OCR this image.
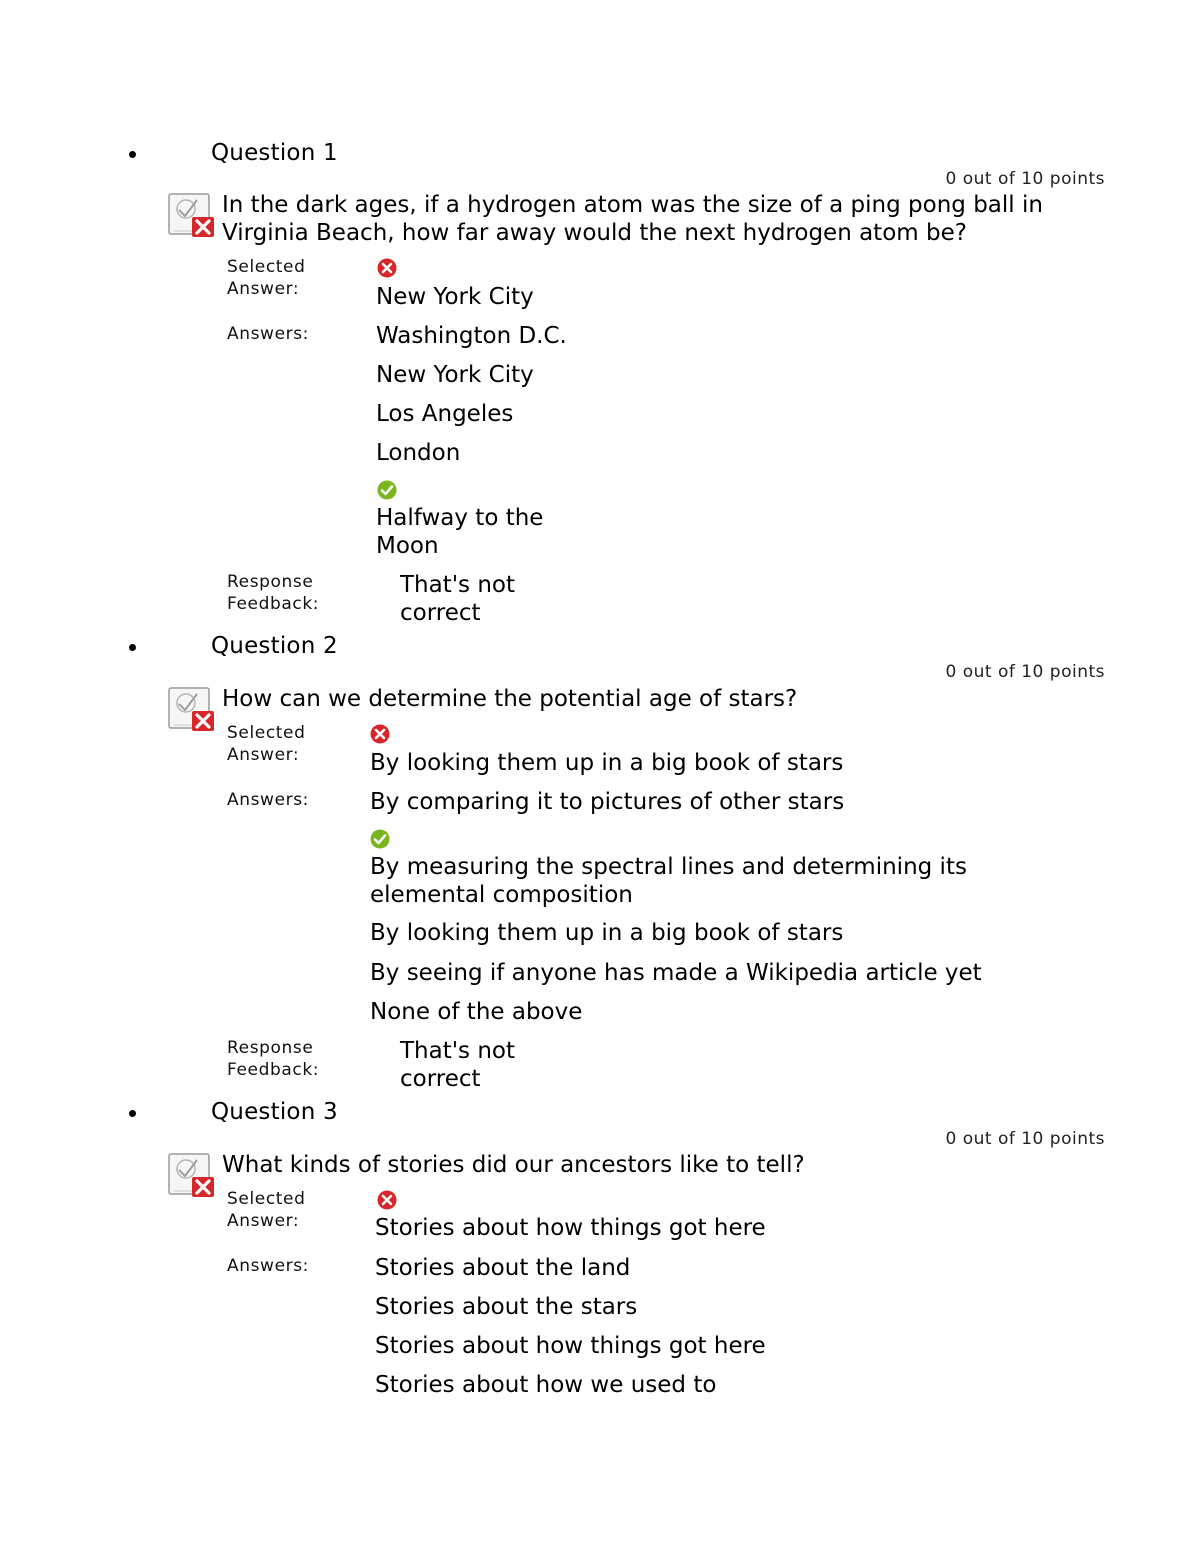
Question 1
0 out of 10 points
In the dark ages, if a hydrogen atom was the size of a ping pong ball in Virginia Beach, how far away would the next hydrogen atom be?
Selected Answer:	New York City
Answers:	Washington D.C.
New York City
Los Angeles
London
Halfway to the Moon
Response Feedback:
That's not correct
Question 2
0 out of 10 points
How can we determine the potential age of stars?
Selected Answer:	By looking them up in a big book of stars
Answers:	By comparing it to pictures of other stars
By measuring the spectral lines and determining its elemental composition
By looking them up in a big book of stars
By seeing if anyone has made a Wikipedia article yet
None of the above
Response Feedback:
That's not correct
Question 3
0 out of 10 points
What kinds of stories did our ancestors like to tell?
Selected Answer:	Stories about how things got here
Answers:	Stories about the land
Stories about the stars
Stories about how things got here
Stories about how we used to
